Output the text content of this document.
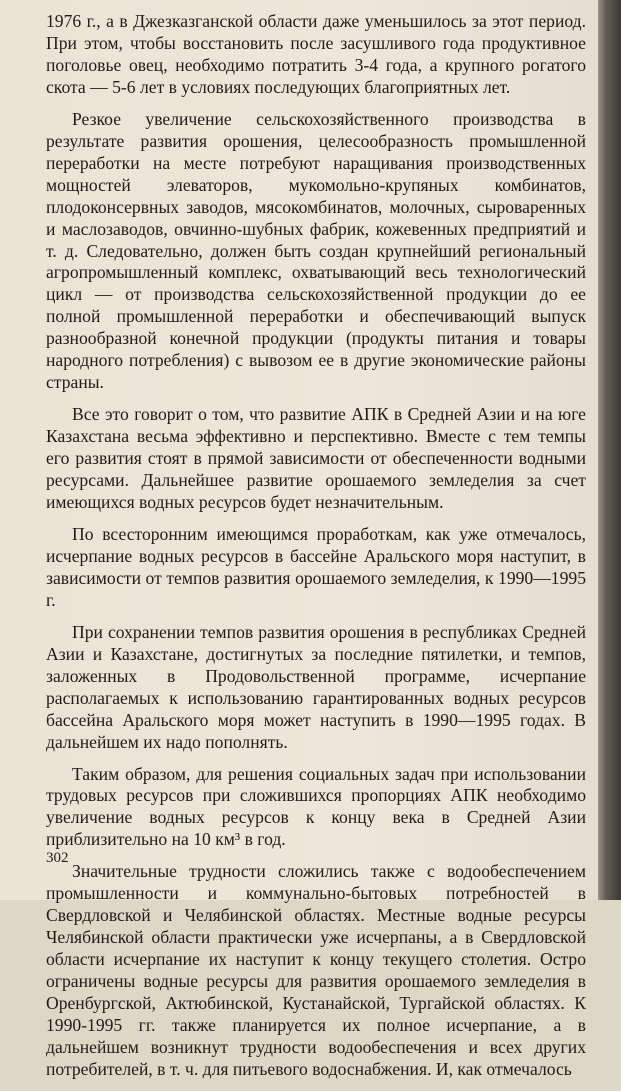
1976 г., а в Джезказганской области даже уменьшилось за этот период. При этом, чтобы восстановить после засушливого года продуктивное поголовье овец, необходимо потратить 3-4 года, а крупного рогатого скота — 5-6 лет в условиях последующих благоприятных лет.

Резкое увеличение сельскохозяйственного производства в результате развития орошения, целесообразность промышленной переработки на месте потребуют наращивания производственных мощностей элеваторов, мукомольно-крупяных комбинатов, плодоконсервных заводов, мясокомбинатов, молочных, сыроваренных и маслозаводов, овчинно-шубных фабрик, кожевенных предприятий и т. д. Следовательно, должен быть создан крупнейший региональный агропромышленный комплекс, охватывающий весь технологический цикл — от производства сельскохозяйственной продукции до ее полной промышленной переработки и обеспечивающий выпуск разнообразной конечной продукции (продукты питания и товары народного потребления) с вывозом ее в другие экономические районы страны.

Все это говорит о том, что развитие АПК в Средней Азии и на юге Казахстана весьма эффективно и перспективно. Вместе с тем темпы его развития стоят в прямой зависимости от обеспеченности водными ресурсами. Дальнейшее развитие орошаемого земледелия за счет имеющихся водных ресурсов будет незначительным.

По всесторонним имеющимся проработкам, как уже отмечалось, исчерпание водных ресурсов в бассейне Аральского моря наступит, в зависимости от темпов развития орошаемого земледелия, к 1990—1995 г.

При сохранении темпов развития орошения в республиках Средней Азии и Казахстане, достигнутых за последние пятилетки, и темпов, заложенных в Продовольственной программе, исчерпание располагаемых к использованию гарантированных водных ресурсов бассейна Аральского моря может наступить в 1990—1995 годах. В дальнейшем их надо пополнять.

Таким образом, для решения социальных задач при использовании трудовых ресурсов при сложившихся пропорциях АПК необходимо увеличение водных ресурсов к концу века в Средней Азии приблизительно на 10 км³ в год.

Значительные трудности сложились также с водообеспечением промышленности и коммунально-бытовых потребностей в Свердловской и Челябинской областях. Местные водные ресурсы Челябинской области практически уже исчерпаны, а в Свердловской области исчерпание их наступит к концу текущего столетия. Остро ограничены водные ресурсы для развития орошаемого земледелия в Оренбургской, Актюбинской, Кустанайской, Тургайской областях. К 1990-1995 гг. также планируется их полное исчерпание, а в дальнейшем возникнут трудности водообеспечения и всех других потребителей, в т. ч. для питьевого водоснабжения. И, как отмечалось

302
